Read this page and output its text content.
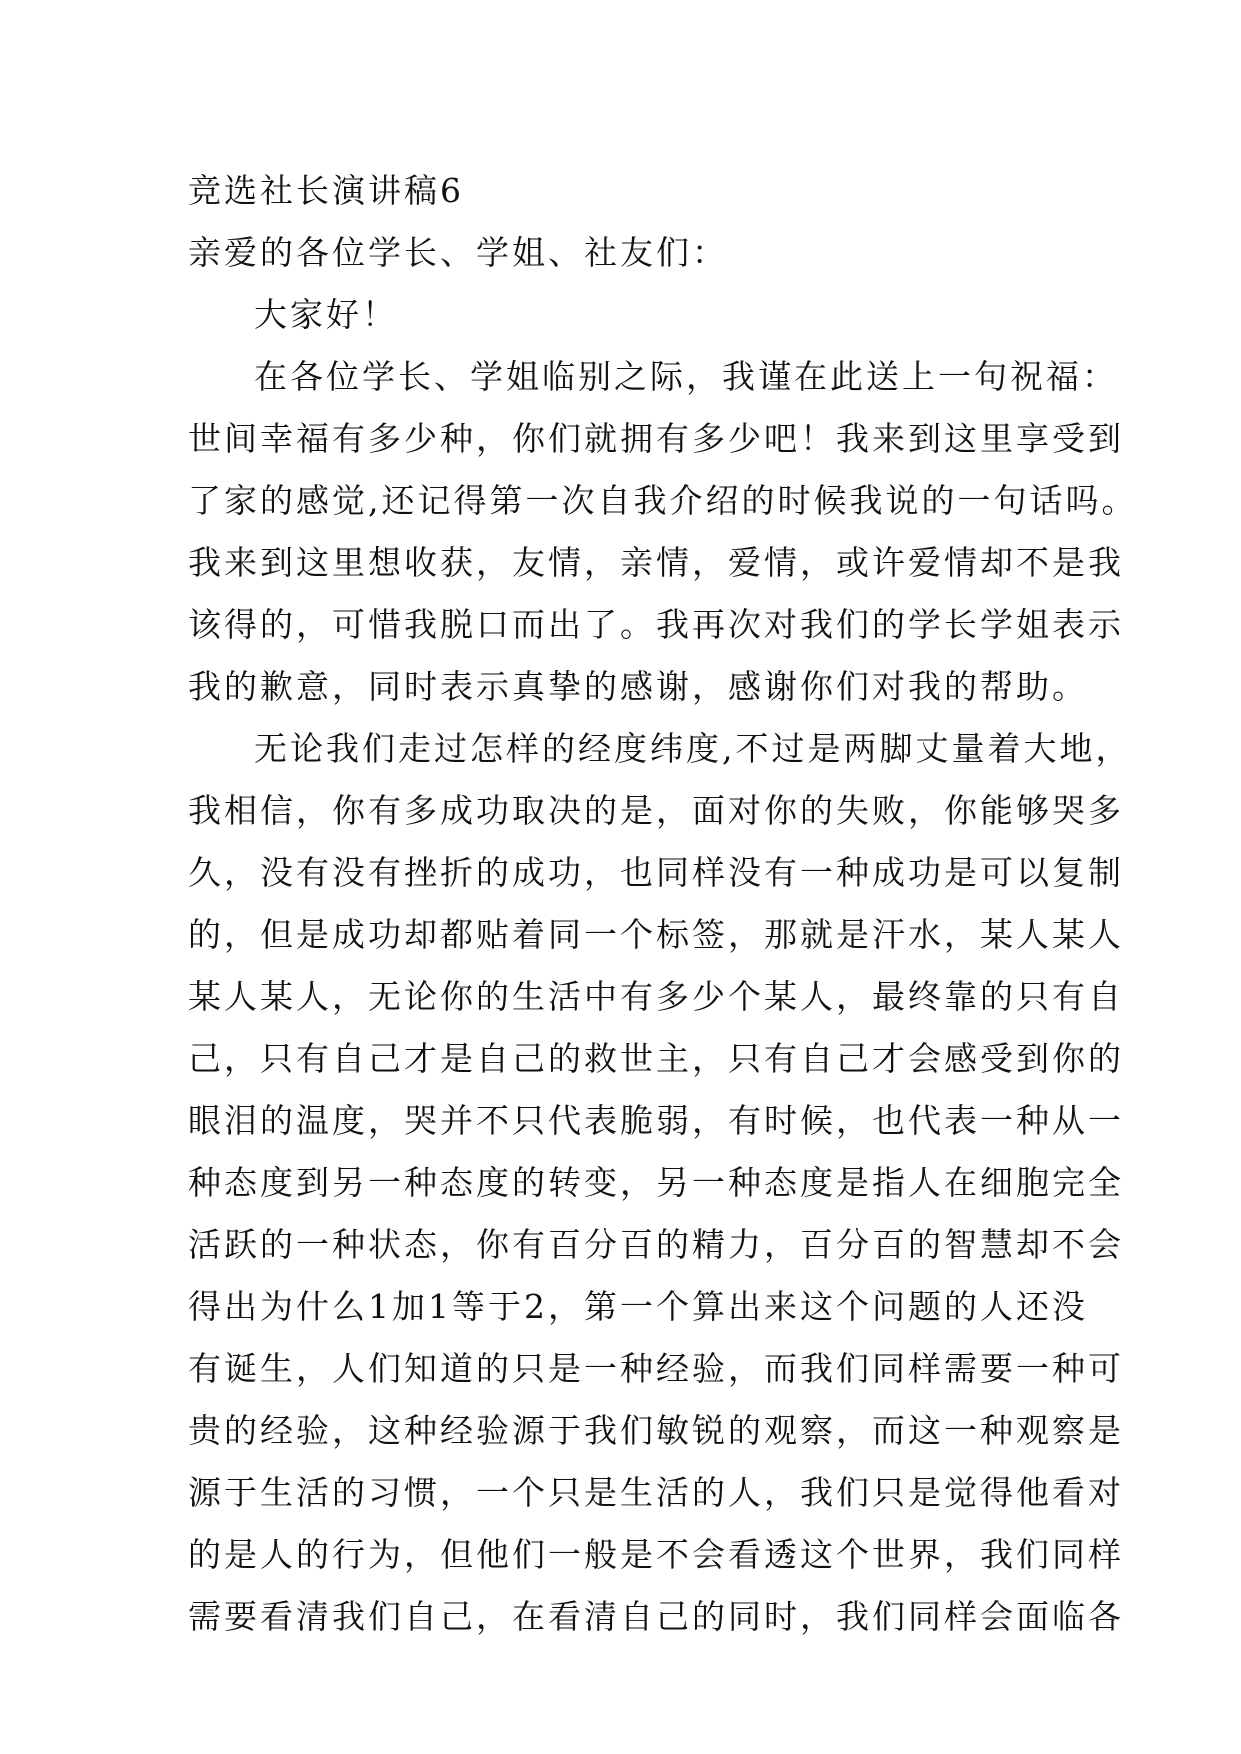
竞选社长演讲稿6

亲爱的各位学长、学姐、社友们：

大家好！

在各位学长、学姐临别之际，我谨在此送上一句祝福：
世间幸福有多少种，你们就拥有多少吧！我来到这里享受到
了家的感觉,还记得第一次自我介绍的时候我说的一句话吗。
我来到这里想收获，友情，亲情，爱情，或许爱情却不是我
该得的，可惜我脱口而出了。我再次对我们的学长学姐表示
我的歉意，同时表示真挚的感谢，感谢你们对我的帮助。
无论我们走过怎样的经度纬度,不过是两脚丈量着大地，
我相信，你有多成功取决的是，面对你的失败，你能够哭多
久，没有没有挫折的成功，也同样没有一种成功是可以复制
的，但是成功却都贴着同一个标签，那就是汗水，某人某人
某人某人，无论你的生活中有多少个某人，最终靠的只有自
己，只有自己才是自己的救世主，只有自己才会感受到你的
眼泪的温度，哭并不只代表脆弱，有时候，也代表一种从一
种态度到另一种态度的转变，另一种态度是指人在细胞完全
活跃的一种状态，你有百分百的精力，百分百的智慧却不会
得出为什么1加1等于2，第一个算出来这个问题的人还没
有诞生，人们知道的只是一种经验，而我们同样需要一种可
贵的经验，这种经验源于我们敏锐的观察，而这一种观察是
源于生活的习惯，一个只是生活的人，我们只是觉得他看对
的是人的行为，但他们一般是不会看透这个世界，我们同样
需要看清我们自己，在看清自己的同时，我们同样会面临各
